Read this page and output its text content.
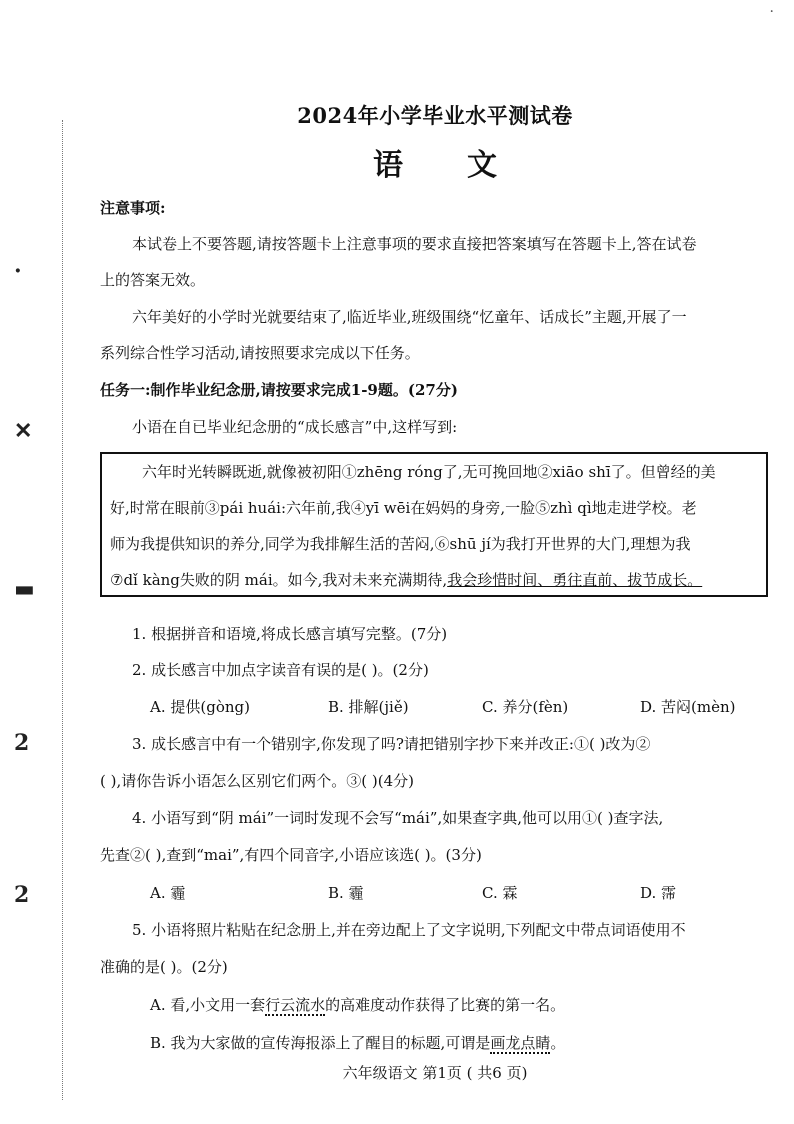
·
·
✕
▬
2
2
2024年小学毕业水平测试卷
语文
注意事项:
本试卷上不要答题,请按答题卡上注意事项的要求直接把答案填写在答题卡上,答在试卷
上的答案无效。
六年美好的小学时光就要结束了,临近毕业,班级围绕“忆童年、话成长”主题,开展了一
系列综合性学习活动,请按照要求完成以下任务。
任务一:制作毕业纪念册,请按要求完成1-9题。(27分)
小语在自已毕业纪念册的“成长感言”中,这样写到:
六年时光转瞬既逝,就像被初阳①zhēng róng了,无可挽回地②xiāo shī了。但曾经的美
好,时常在眼前③pái huái:六年前,我④yī wēi在妈妈的身旁,一脸⑤zhì qì地走进学校。老
师为我提供知识的养分,同学为我排解生活的苦闷,⑥shū jí为我打开世界的大门,理想为我
⑦dǐ kàng失败的阴 mái。如今,我对未来充满期待,我会珍惜时间、勇往直前、拔节成长。
1. 根据拼音和语境,将成长感言填写完整。(7分)
2. 成长感言中加点字读音有误的是( )。(2分)
A. 提供(gòng)	B. 排解(jiě)	C. 养分(fèn)	D. 苦闷(mèn)
3. 成长感言中有一个错别字,你发现了吗?请把错别字抄下来并改正:①( )改为②
( ),请你告诉小语怎么区别它们两个。③( )(4分)
4. 小语写到“阴 mái”一词时发现不会写“mái”,如果查字典,他可以用①( )查字法,
先查②( ),查到“mai”,有四个同音字,小语应该选( )。(3分)
A. 霾	B. 霾	C. 霖	D. 霈
5. 小语将照片粘贴在纪念册上,并在旁边配上了文字说明,下列配文中带点词语使用不
准确的是( )。(2分)
A. 看,小文用一套行云流水的高难度动作获得了比赛的第一名。
B. 我为大家做的宣传海报添上了醒目的标题,可谓是画龙点睛。
六年级语文 第1页 ( 共6 页)
